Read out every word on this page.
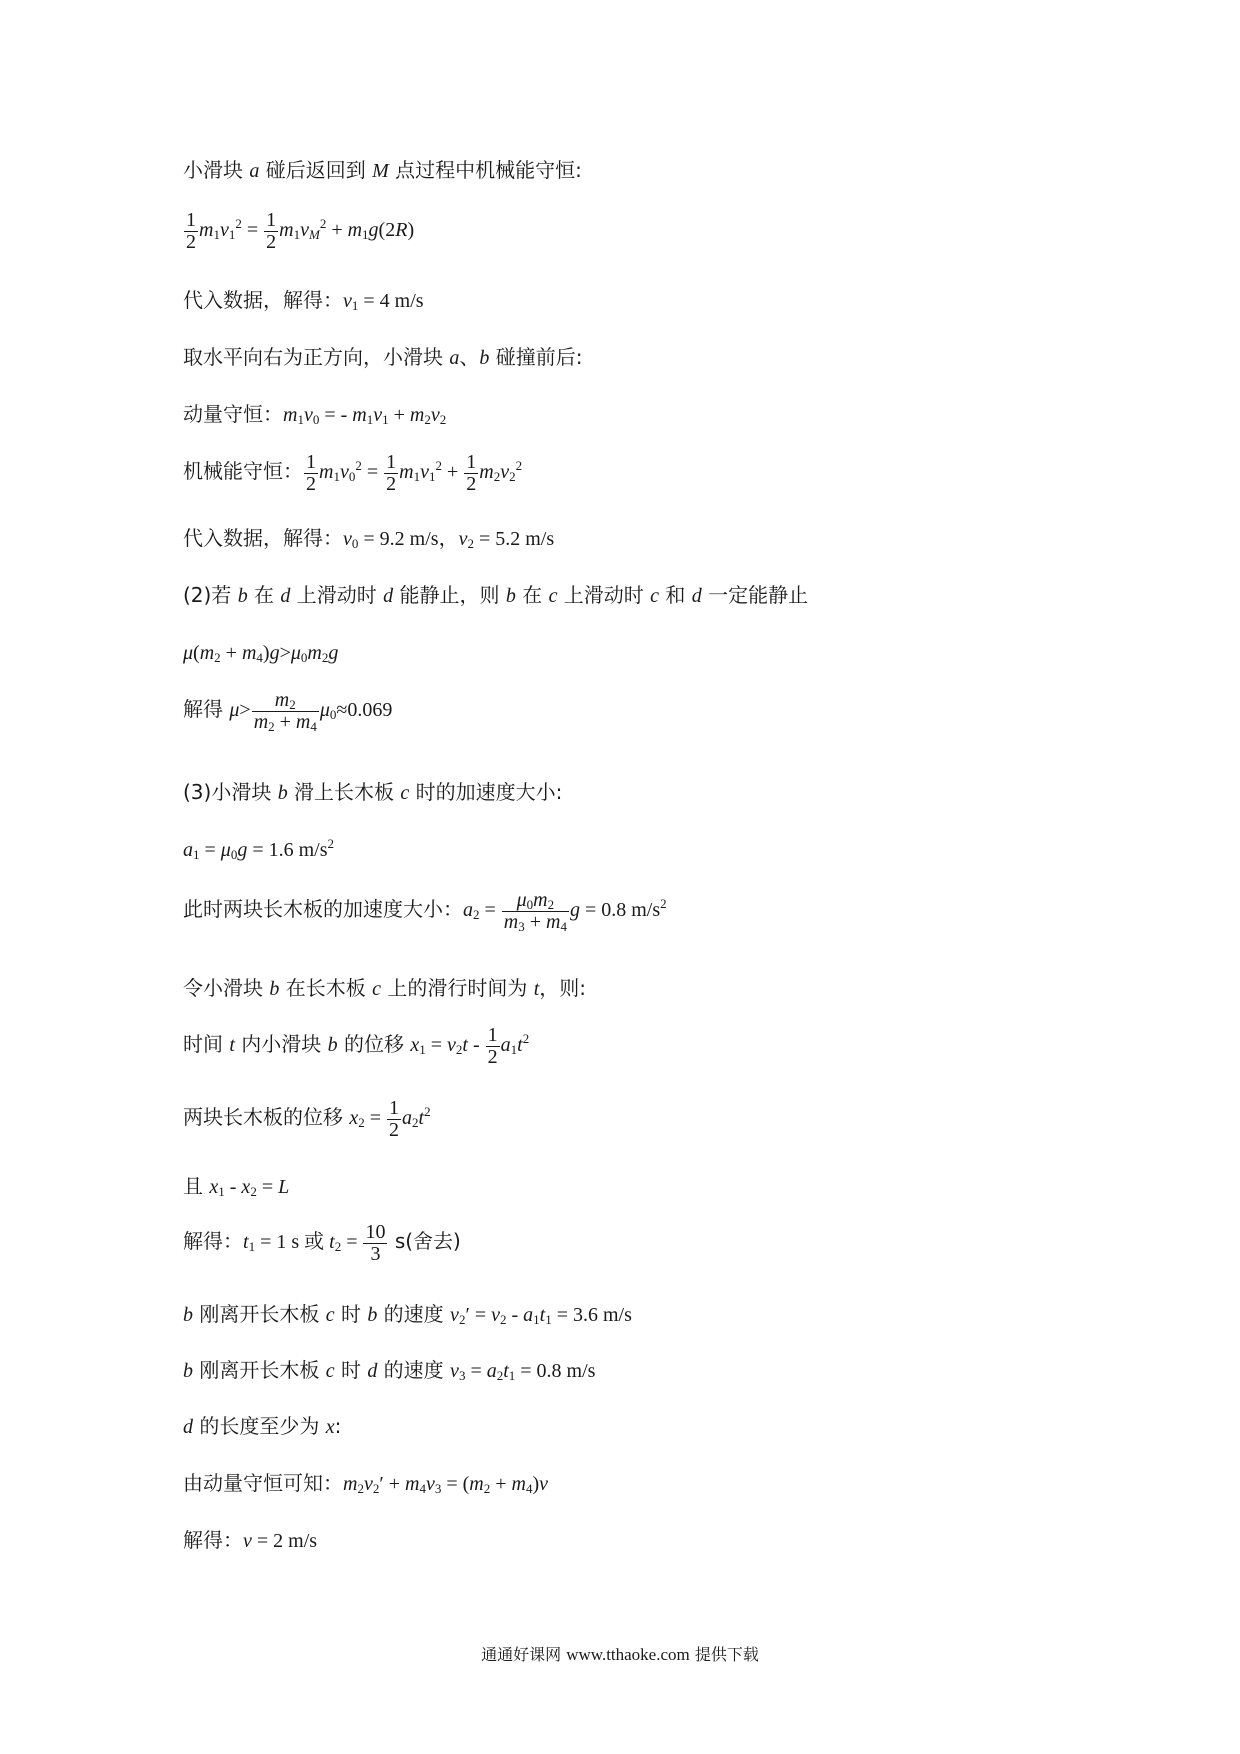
小滑块 a 碰后返回到 M 点过程中机械能守恒:
$\frac{1}{2} m_1v_1^2 = \frac{1}{2} m_1v_M^2 + m_1g(2R)$
代入数据，解得：$v_1 = 4$ m/s
取水平向右为正方向，小滑块 a、b 碰撞前后:
动量守恒：$m_1v_0$ = - $m_1v_1 + m_2v_2$
机械能守恒： $\frac{1}{2} m_1v_0^2 = \frac{1}{2} m_1v_1^2 + \frac{1}{2} m_2v_2^2$
代入数据，解得：$v_0 = 9.2$ m/s，$v_2 = 5.2$ m/s
(2)若 b 在 d 上滑动时 d 能静止，则 b 在 c 上滑动时 c 和 d 一定能静止
$\mu(m_2 + m_4)g>\mu_0m_2g$
解得 $\mu> \frac{m_2}{m_2 + m_4} \mu_0\approx 0.069$
(3)小滑块 b 滑上长木板 c 时的加速度大小:
$a_1 = \mu_0g = 1.6$ $m/s^2$
此时两块长木板的加速度大小：$a_2 = \frac{\mu_0m_2}{m_3 + m_4}$ g = 0.8 $m/s^2$
令小滑块 b 在长木板 c 上的滑行时间为 t，则:
时间 t 内小滑块 b 的位移 $x_1 = v_2t - \frac{1}{2} a_1t^2$
两块长木板的位移 $x_2 = \frac{1}{2} a_2t^2$
且 $x_1 - x_2 = L$
解得：$t_1 = 1$ s 或 $t_2 = \frac{10}{3} s$(舍去)
b 刚离开长木板 c 时 b 的速度 $v_2' = v_2 - a_1t_1 = 3.6$ m/s
b 刚离开长木板 c 时 d 的速度 $v_3 = a_2t_1 = 0.8$ m/s
d 的长度至少为 x:
由动量守恒可知：$m_2v_2' + m_4v_3 = (m_2 + m_4)v$
解得：v = 2 m/s
通通好课网 www.tthaoke.com 提供下载
